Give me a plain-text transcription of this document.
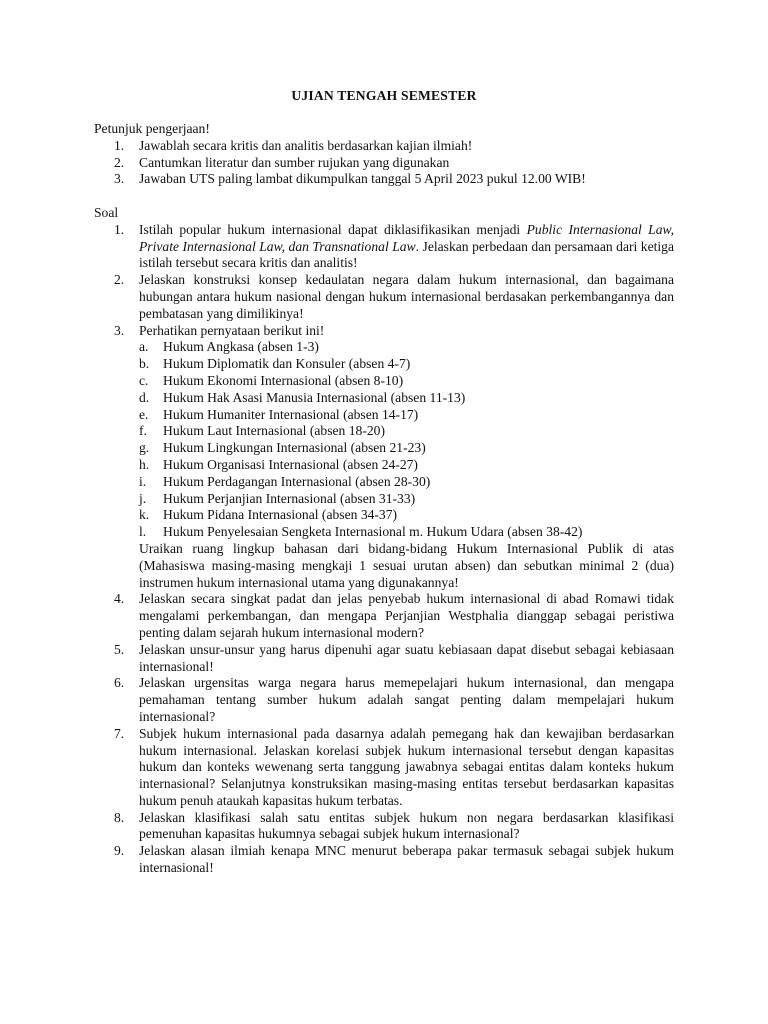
UJIAN TENGAH SEMESTER
Petunjuk pengerjaan!
1.	Jawablah secara kritis dan analitis berdasarkan kajian ilmiah!
2.	Cantumkan literatur dan sumber rujukan yang digunakan
3.	Jawaban UTS paling lambat dikumpulkan tanggal 5 April 2023 pukul 12.00 WIB!
Soal
1.	Istilah popular hukum internasional dapat diklasifikasikan menjadi Public Internasional Law, Private Internasional Law, dan Transnational Law. Jelaskan perbedaan dan persamaan dari ketiga istilah tersebut secara kritis dan analitis!
2.	Jelaskan konstruksi konsep kedaulatan negara dalam hukum internasional, dan bagaimana hubungan antara hukum nasional dengan hukum internasional berdasakan perkembangannya dan pembatasan yang dimilikinya!
3.	Perhatikan pernyataan berikut ini!
a.	Hukum Angkasa (absen 1-3)
b.	Hukum Diplomatik dan Konsuler (absen 4-7)
c.	Hukum Ekonomi Internasional (absen 8-10)
d.	Hukum Hak Asasi Manusia Internasional (absen 11-13)
e.	Hukum Humaniter Internasional (absen 14-17)
f.	Hukum Laut Internasional (absen 18-20)
g.	Hukum Lingkungan Internasional (absen 21-23)
h.	Hukum Organisasi Internasional (absen 24-27)
i.	Hukum Perdagangan Internasional (absen 28-30)
j.	Hukum Perjanjian Internasional (absen 31-33)
k.	Hukum Pidana Internasional (absen 34-37)
l.	Hukum Penyelesaian Sengketa Internasional m. Hukum Udara (absen 38-42)
Uraikan ruang lingkup bahasan dari bidang-bidang Hukum Internasional Publik di atas (Mahasiswa masing-masing mengkaji 1 sesuai urutan absen) dan sebutkan minimal 2 (dua) instrumen hukum internasional utama yang digunakannya!
4.	Jelaskan secara singkat padat dan jelas penyebab hukum internasional di abad Romawi tidak mengalami perkembangan, dan mengapa Perjanjian Westphalia dianggap sebagai peristiwa penting dalam sejarah hukum internasional modern?
5.	Jelaskan unsur-unsur yang harus dipenuhi agar suatu kebiasaan dapat disebut sebagai kebiasaan internasional!
6.	Jelaskan urgensitas warga negara harus memepelajari hukum internasional, dan mengapa pemahaman tentang sumber hukum adalah sangat penting dalam mempelajari hukum internasional?
7.	Subjek hukum internasional pada dasarnya adalah pemegang hak dan kewajiban berdasarkan hukum internasional. Jelaskan korelasi subjek hukum internasional tersebut dengan kapasitas hukum dan konteks wewenang serta tanggung jawabnya sebagai entitas dalam konteks hukum internasional? Selanjutnya konstruksikan masing-masing entitas tersebut berdasarkan kapasitas hukum penuh ataukah kapasitas hukum terbatas.
8.	Jelaskan klasifikasi salah satu entitas subjek hukum non negara berdasarkan klasifikasi pemenuhan kapasitas hukumnya sebagai subjek hukum internasional?
9.	Jelaskan alasan ilmiah kenapa MNC menurut beberapa pakar termasuk sebagai subjek hukum internasional!
